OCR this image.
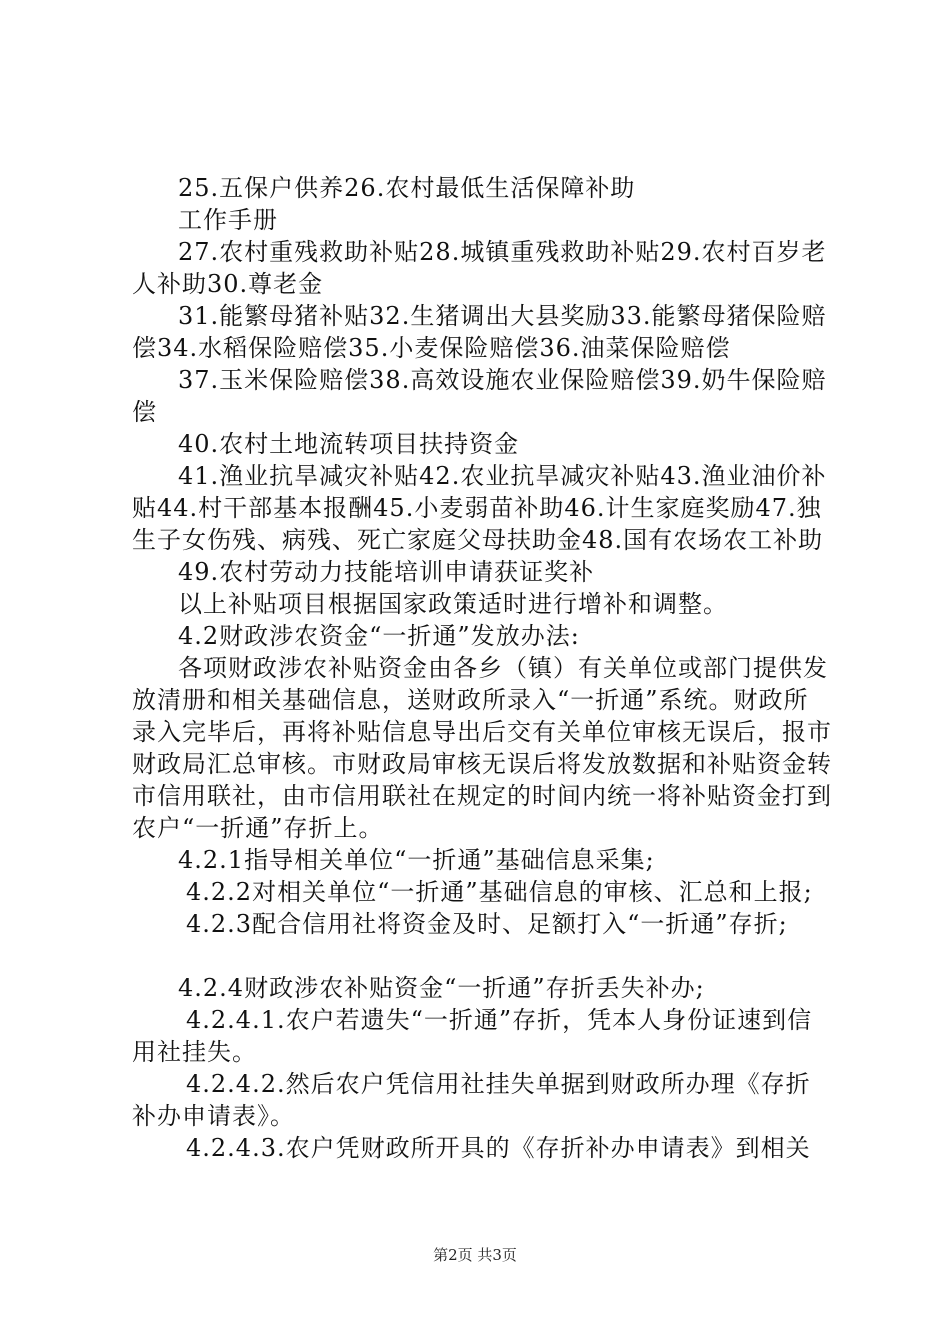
25.五保户供养26.农村最低生活保障补助

工作手册

27.农村重残救助补贴28.城镇重残救助补贴29.农村百岁老人补助30.尊老金

31.能繁母猪补贴32.生猪调出大县奖励33.能繁母猪保险赔偿34.水稻保险赔偿35.小麦保险赔偿36.油菜保险赔偿

37.玉米保险赔偿38.高效设施农业保险赔偿39.奶牛保险赔偿

40.农村土地流转项目扶持资金

41.渔业抗旱减灾补贴42.农业抗旱减灾补贴43.渔业油价补贴44.村干部基本报酬45.小麦弱苗补助46.计生家庭奖励47.独生子女伤残、病残、死亡家庭父母扶助金48.国有农场农工补助

49.农村劳动力技能培训申请获证奖补

以上补贴项目根据国家政策适时进行增补和调整。

4.2财政涉农资金“一折通”发放办法:

各项财政涉农补贴资金由各乡（镇）有关单位或部门提供发放清册和相关基础信息，送财政所录入“一折通”系统。财政所录入完毕后，再将补贴信息导出后交有关单位审核无误后，报市财政局汇总审核。市财政局审核无误后将发放数据和补贴资金转市信用联社，由市信用联社在规定的时间内统一将补贴资金打到农户“一折通”存折上。

4.2.1指导相关单位“一折通”基础信息采集;

4.2.2对相关单位“一折通”基础信息的审核、汇总和上报;

4.2.3配合信用社将资金及时、足额打入“一折通”存折;

4.2.4财政涉农补贴资金“一折通”存折丢失补办;

4.2.4.1.农户若遗失“一折通”存折，凭本人身份证速到信用社挂失。

4.2.4.2.然后农户凭信用社挂失单据到财政所办理《存折补办申请表》。

4.2.4.3.农户凭财政所开具的《存折补办申请表》到相关

第2页 共3页
